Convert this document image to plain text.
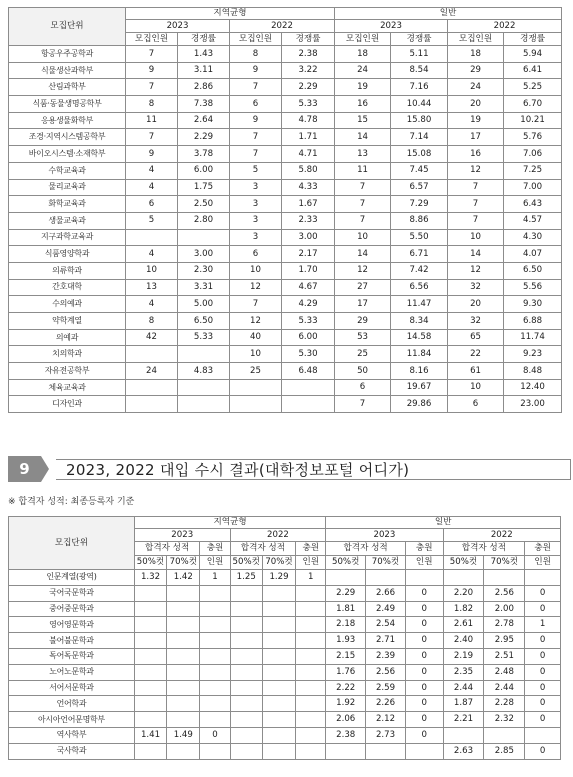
모집단위	지역균형				일반			
	2023		2022		2023		2022	
	모집인원	경쟁률	모집인원	경쟁률	모집인원	경쟁률	모집인원	경쟁률
항공우주공학과	7	1.43	8	2.38	18	5.11	18	5.94
식물생산과학부	9	3.11	9	3.22	24	8.54	29	6.41
산림과학부	7	2.86	7	2.29	19	7.16	24	5.25
식품·동물생명공학부	8	7.38	6	5.33	16	10.44	20	6.70
응용생물화학부	11	2.64	9	4.78	15	15.80	19	10.21
조경·지역시스템공학부	7	2.29	7	1.71	14	7.14	17	5.76
바이오시스템·소재학부	9	3.78	7	4.71	13	15.08	16	7.06
수학교육과	4	6.00	5	5.80	11	7.45	12	7.25
물리교육과	4	1.75	3	4.33	7	6.57	7	7.00
화학교육과	6	2.50	3	1.67	7	7.29	7	6.43
생물교육과	5	2.80	3	2.33	7	8.86	7	4.57
지구과학교육과			3	3.00	10	5.50	10	4.30
식품영양학과	4	3.00	6	2.17	14	6.71	14	4.07
의류학과	10	2.30	10	1.70	12	7.42	12	6.50
간호대학	13	3.31	12	4.67	27	6.56	32	5.56
수의예과	4	5.00	7	4.29	17	11.47	20	9.30
약학계열	8	6.50	12	5.33	29	8.34	32	6.88
의예과	42	5.33	40	6.00	53	14.58	65	11.74
치의학과			10	5.30	25	11.84	22	9.23
자유전공학부	24	4.83	25	6.48	50	8.16	61	8.48
체육교육과					6	19.67	10	12.40
디자인과					7	29.86	6	23.00
9	2023, 2022 대입 수시 결과(대학정보포털 어디가)
※ 합격자 성적: 최종등록자 기준
모집단위	지역균형						일반					
	2023			2022			2023			2022		
	합격자 성적		충원	합격자 성적		충원	합격자 성적		충원	합격자 성적		충원
	50%컷	70%컷	인원	50%컷	70%컷	인원	50%컷	70%컷	인원	50%컷	70%컷	인원
인문계열(광역)	1.32	1.42	1	1.25	1.29	1						
국어국문학과							2.29	2.66	0	2.20	2.56	0
중어중문학과							1.81	2.49	0	1.82	2.00	0
영어영문학과							2.18	2.54	0	2.61	2.78	1
불어불문학과							1.93	2.71	0	2.40	2.95	0
독어독문학과							2.15	2.39	0	2.19	2.51	0
노어노문학과							1.76	2.56	0	2.35	2.48	0
서어서문학과							2.22	2.59	0	2.44	2.44	0
언어학과							1.92	2.26	0	1.87	2.28	0
아시아언어문명학부							2.06	2.12	0	2.21	2.32	0
역사학부	1.41	1.49	0				2.38	2.73	0			
국사학과										2.63	2.85	0
